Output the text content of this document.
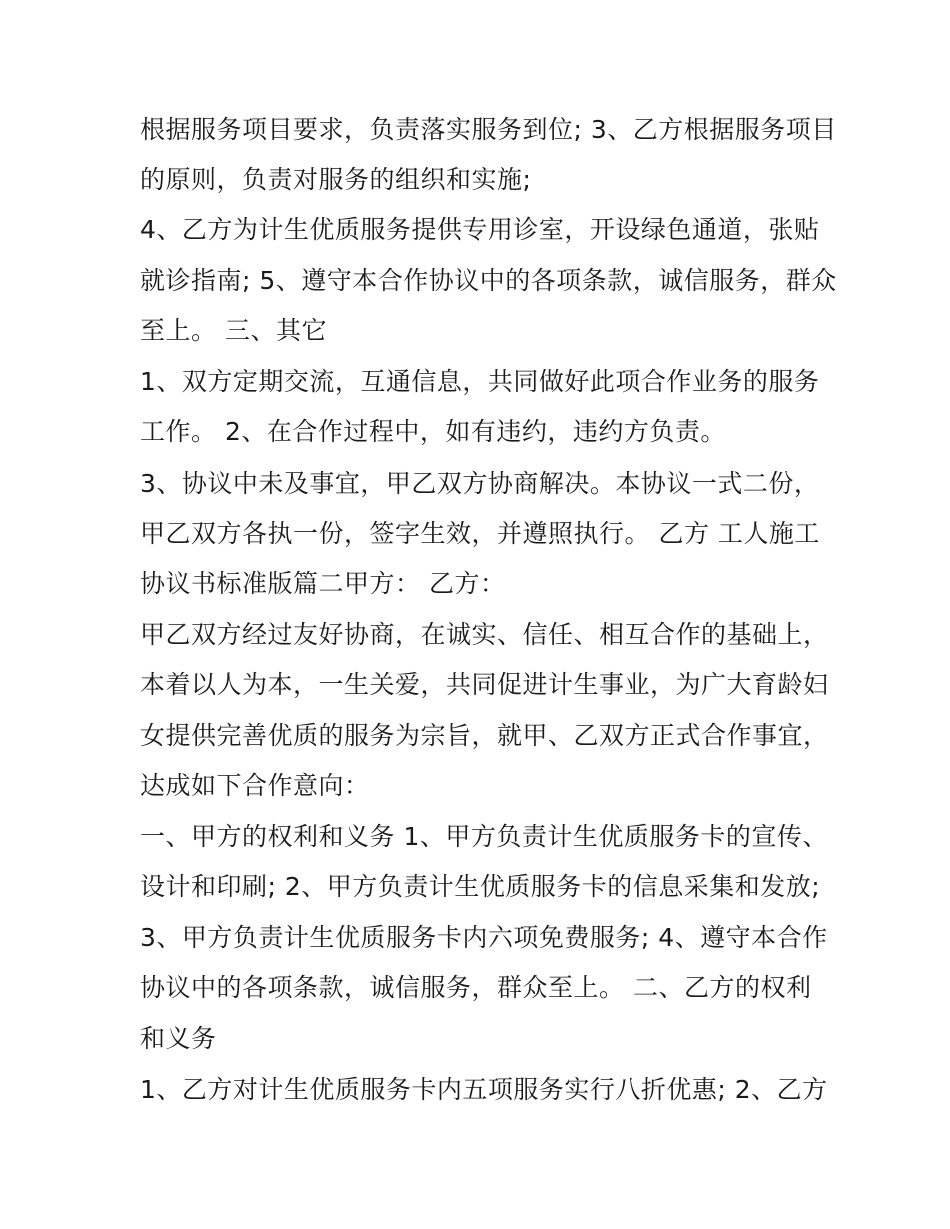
根据服务项目要求，负责落实服务到位; 3、乙方根据服务项目
的原则，负责对服务的组织和实施;
4、乙方为计生优质服务提供专用诊室，开设绿色通道，张贴
就诊指南; 5、遵守本合作协议中的各项条款，诚信服务，群众
至上。 三、其它
1、双方定期交流，互通信息，共同做好此项合作业务的服务
工作。 2、在合作过程中，如有违约，违约方负责。
3、协议中未及事宜，甲乙双方协商解决。本协议一式二份，
甲乙双方各执一份，签字生效，并遵照执行。 乙方 工人施工
协议书标准版篇二甲方： 乙方：
甲乙双方经过友好协商，在诚实、信任、相互合作的基础上，
本着以人为本，一生关爱，共同促进计生事业，为广大育龄妇
女提供完善优质的服务为宗旨，就甲、乙双方正式合作事宜，
达成如下合作意向：
一、甲方的权利和义务 1、甲方负责计生优质服务卡的宣传、
设计和印刷; 2、甲方负责计生优质服务卡的信息采集和发放;
3、甲方负责计生优质服务卡内六项免费服务; 4、遵守本合作
协议中的各项条款，诚信服务，群众至上。 二、乙方的权利
和义务
1、乙方对计生优质服务卡内五项服务实行八折优惠; 2、乙方
